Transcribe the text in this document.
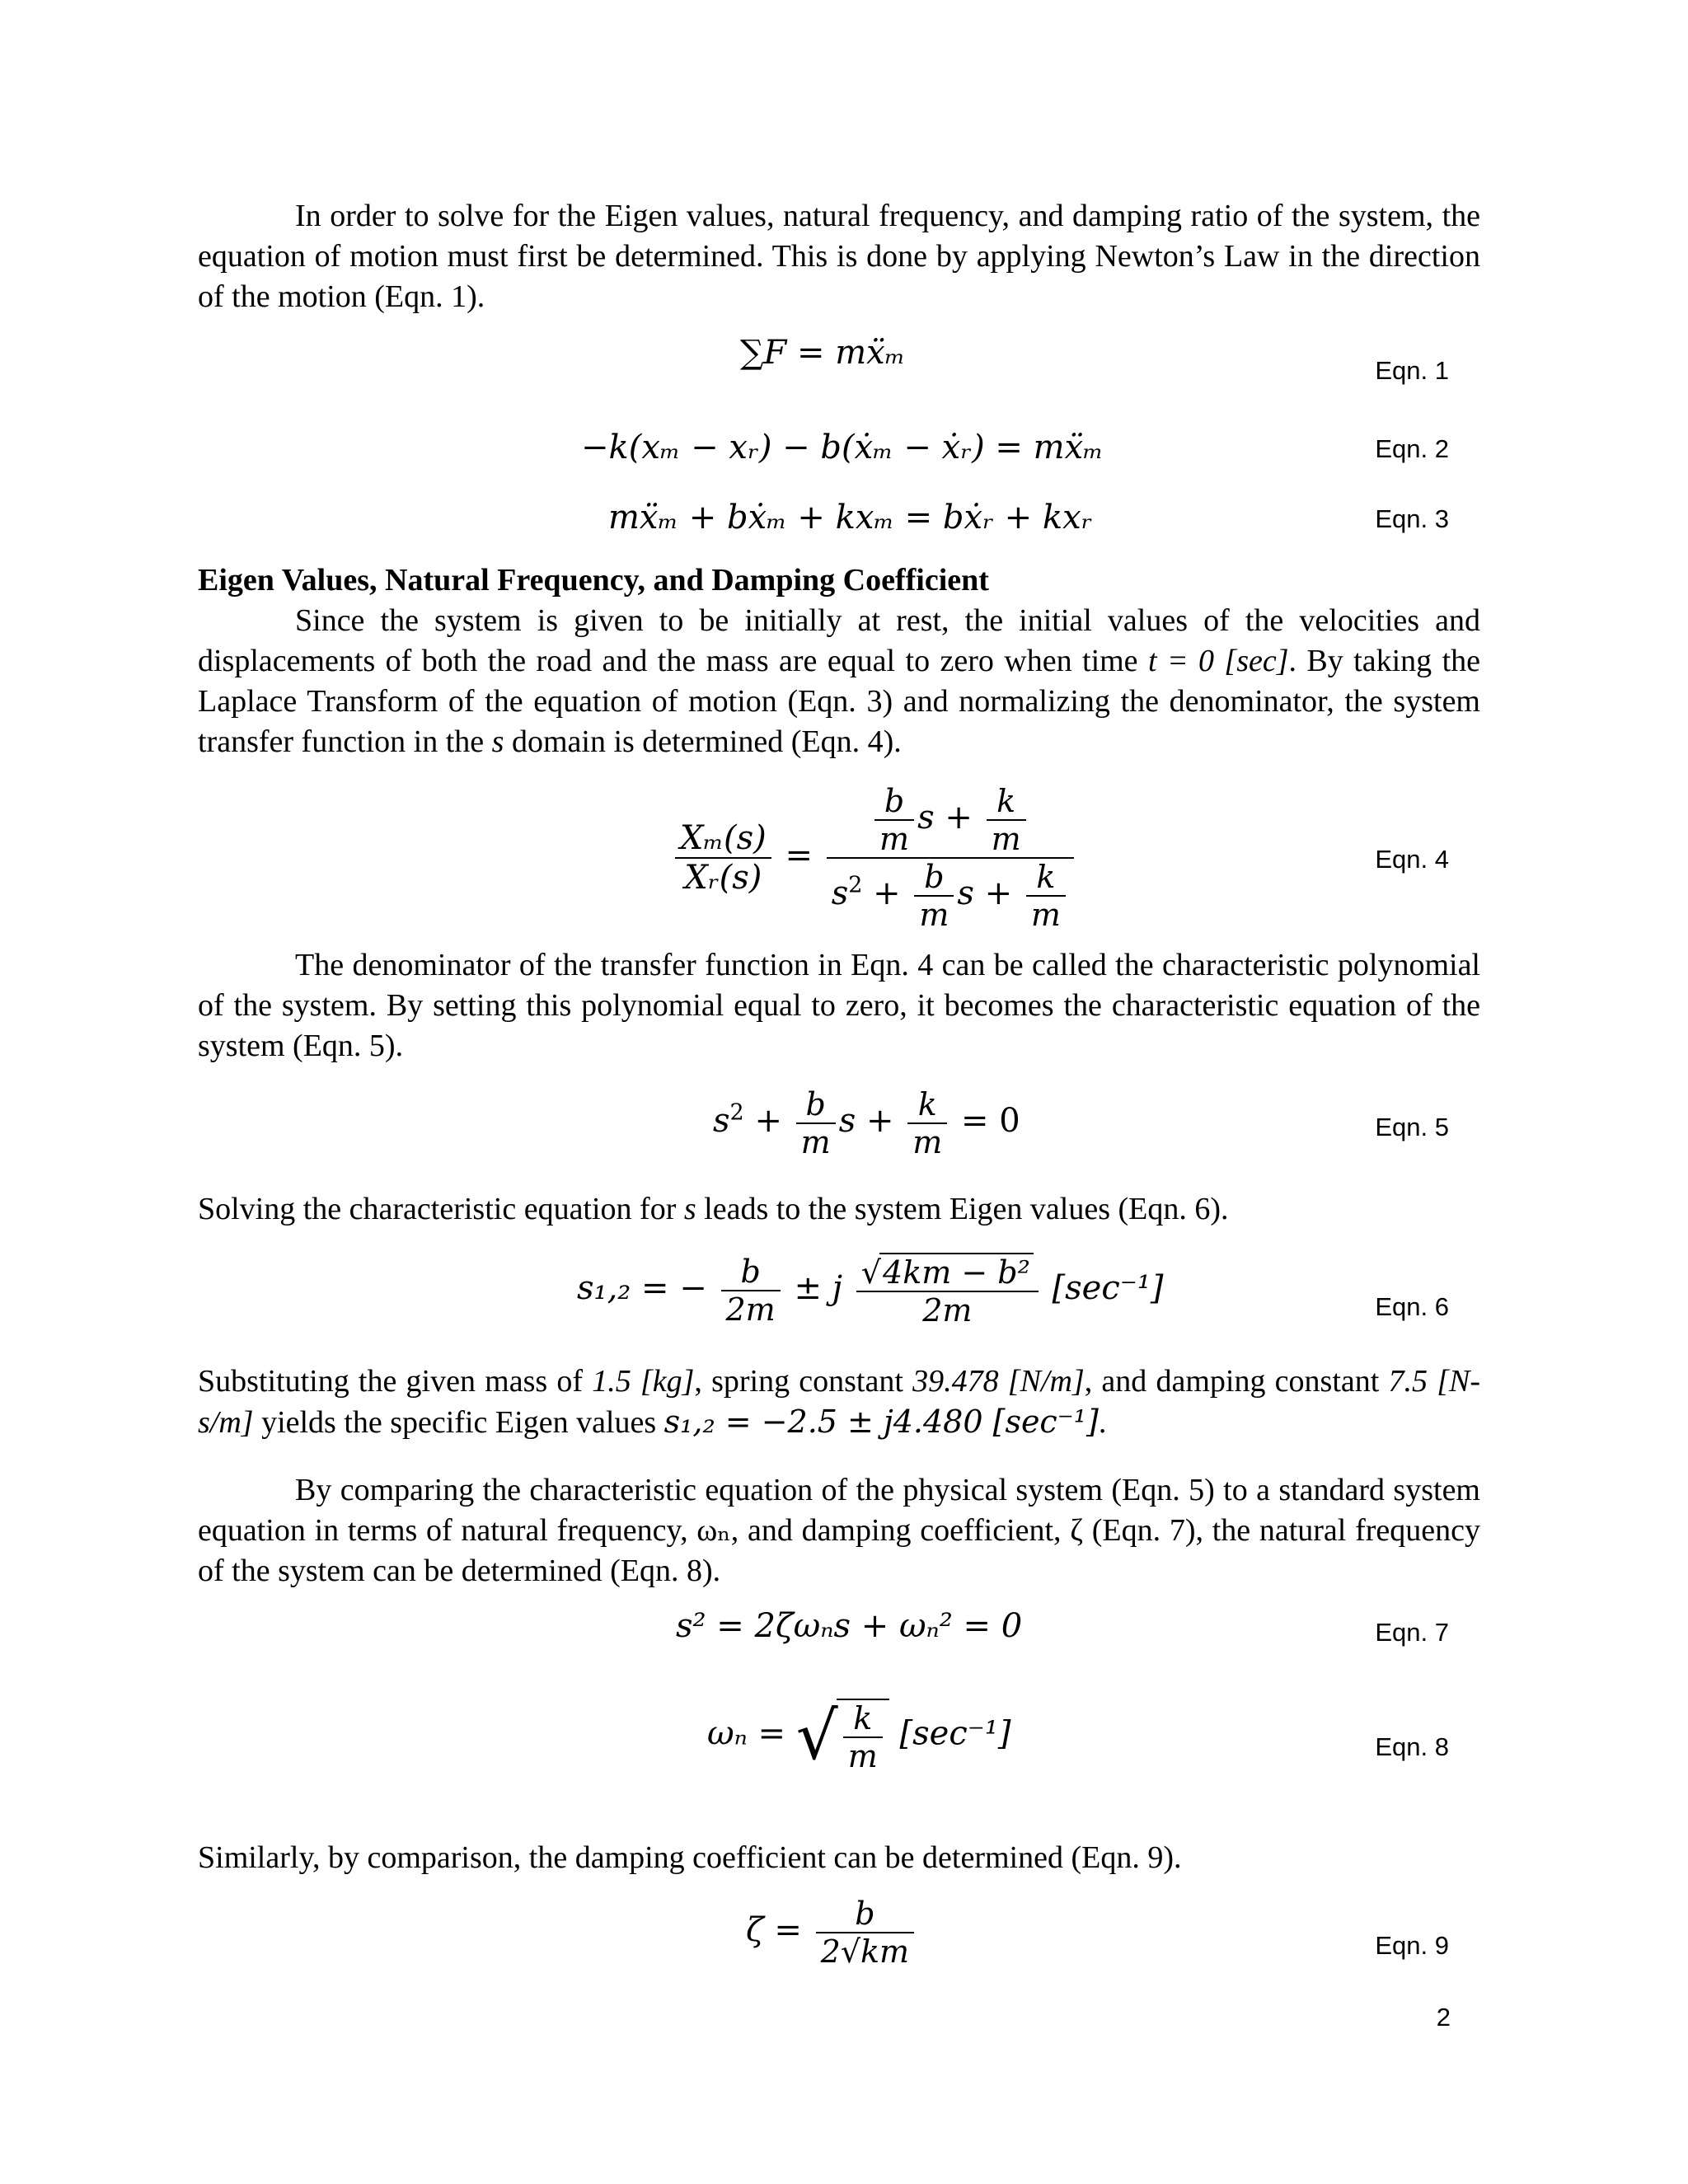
In order to solve for the Eigen values, natural frequency, and damping ratio of the system, the equation of motion must first be determined. This is done by applying Newton’s Law in the direction of the motion (Eqn. 1).

∑F = mẍₘ	Eqn. 1
−k(xₘ − xᵣ) − b(ẋₘ − ẋᵣ) = mẍₘ	Eqn. 2
mẍₘ + bẋₘ + kxₘ = bẋᵣ + kxᵣ	Eqn. 3

Eigen Values, Natural Frequency, and Damping Coefficient

Since the system is given to be initially at rest, the initial values of the velocities and displacements of both the road and the mass are equal to zero when time t = 0 [sec]. By taking the Laplace Transform of the equation of motion (Eqn. 3) and normalizing the denominator, the system transfer function in the s domain is determined (Eqn. 4).

$\frac{\text{Xₘ(s)}}{\text{Xᵣ(s)}} = \frac{\frac{b}{m} s + \frac{k}{m}}{s^2 + \frac{b}{m} s + \frac{k}{m}}$	Eqn. 4

The denominator of the transfer function in Eqn. 4 can be called the characteristic polynomial of the system. By setting this polynomial equal to zero, it becomes the characteristic equation of the system (Eqn. 5).

$s^2 + \frac{b}{m}$ $s + \frac{k}{m} = 0$	Eqn. 5

Solving the characteristic equation for s leads to the system Eigen values (Eqn. 6).

s₁,₂ = − $\frac{b}{2m} \pm j \frac{\text{√4km − b²}}{2m} [\sec^{-1}]$	Eqn. 6

Substituting the given mass of 1.5 [kg], spring constant 39.478 [N/m], and damping constant 7.5 [N-s/m] yields the specific Eigen values s₁,₂ = −2.5 ± j4.480 [sec⁻¹].

By comparing the characteristic equation of the physical system (Eqn. 5) to a standard system equation in terms of natural frequency, ωₙ, and damping coefficient, ζ (Eqn. 7), the natural frequency of the system can be determined (Eqn. 8).

s² = 2ζωₙs + ωₙ² = 0	Eqn. 7
ωₙ = √ $\frac{k}{m} [\sec^{-1}]$	Eqn. 8

Similarly, by comparison, the damping coefficient can be determined (Eqn. 9).

$\zeta = \frac{b}{2√km}$	Eqn. 9
2
